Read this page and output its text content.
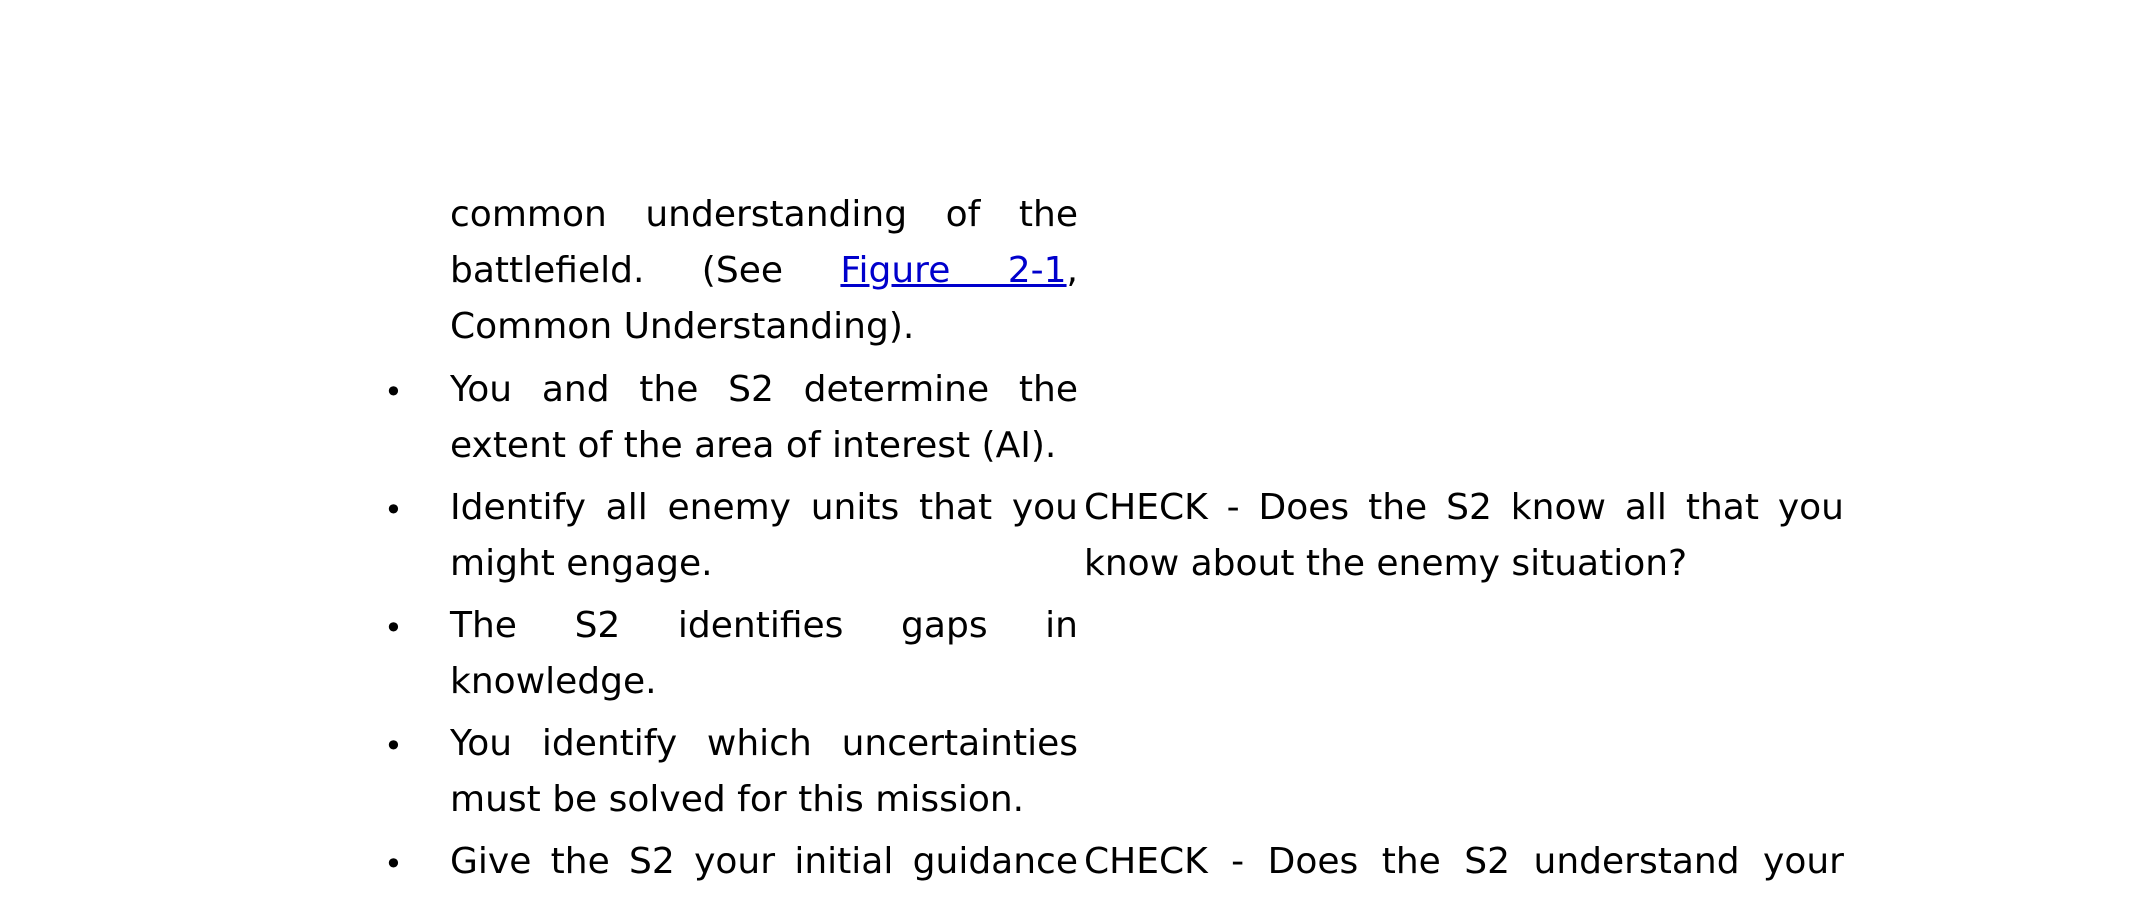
common understanding of the
battlefield. (See Figure 2-1,
Common Understanding).
• You and the S2 determine the
extent of the area of interest (AI).
• Identify all enemy units that you
might engage.
CHECK - Does the S2 know all that you
know about the enemy situation?
• The S2 identifies gaps in
knowledge.
• You identify which uncertainties
must be solved for this mission.
• Give the S2 your initial guidance CHECK - Does the S2 understand your
